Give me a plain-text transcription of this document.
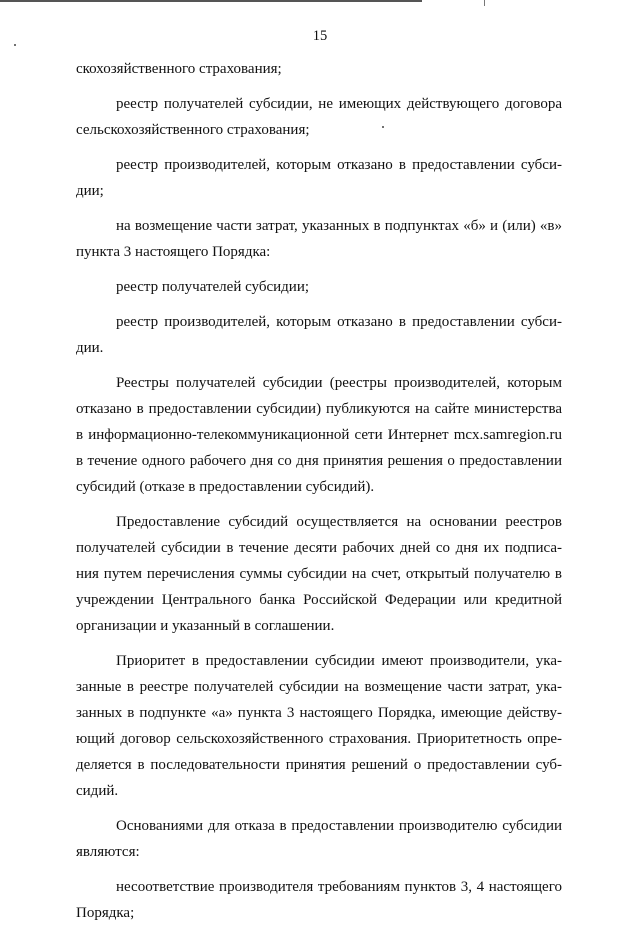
15

скохозяйственного страхования;

реестр получателей субсидии, не имеющих действующего договора сельскохозяйственного страхования;

реестр производителей, которым отказано в предоставлении субси-дии;

на возмещение части затрат, указанных в подпунктах «б» и (или) «в» пункта 3 настоящего Порядка:

реестр получателей субсидии;

реестр производителей, которым отказано в предоставлении субси-дии.

Реестры получателей субсидии (реестры производителей, которым отказано в предоставлении субсидии) публикуются на сайте министерства в информационно-телекоммуникационной сети Интернет mcx.samregion.ru в течение одного рабочего дня со дня принятия решения о предоставлении субсидий (отказе в предоставлении субсидий).

Предоставление субсидий осуществляется на основании реестров получателей субсидии в течение десяти рабочих дней со дня их подписа-ния путем перечисления суммы субсидии на счет, открытый получателю в учреждении Центрального банка Российской Федерации или кредитной организации и указанный в соглашении.

Приоритет в предоставлении субсидии имеют производители, ука-занные в реестре получателей субсидии на возмещение части затрат, ука-занных в подпункте «а» пункта 3 настоящего Порядка, имеющие действу-ющий договор сельскохозяйственного страхования. Приоритетность опре-деляется в последовательности принятия решений о предоставлении суб-сидий.

Основаниями для отказа в предоставлении производителю субсидии являются:

несоответствие производителя требованиям пунктов 3, 4 настоящего Порядка;
